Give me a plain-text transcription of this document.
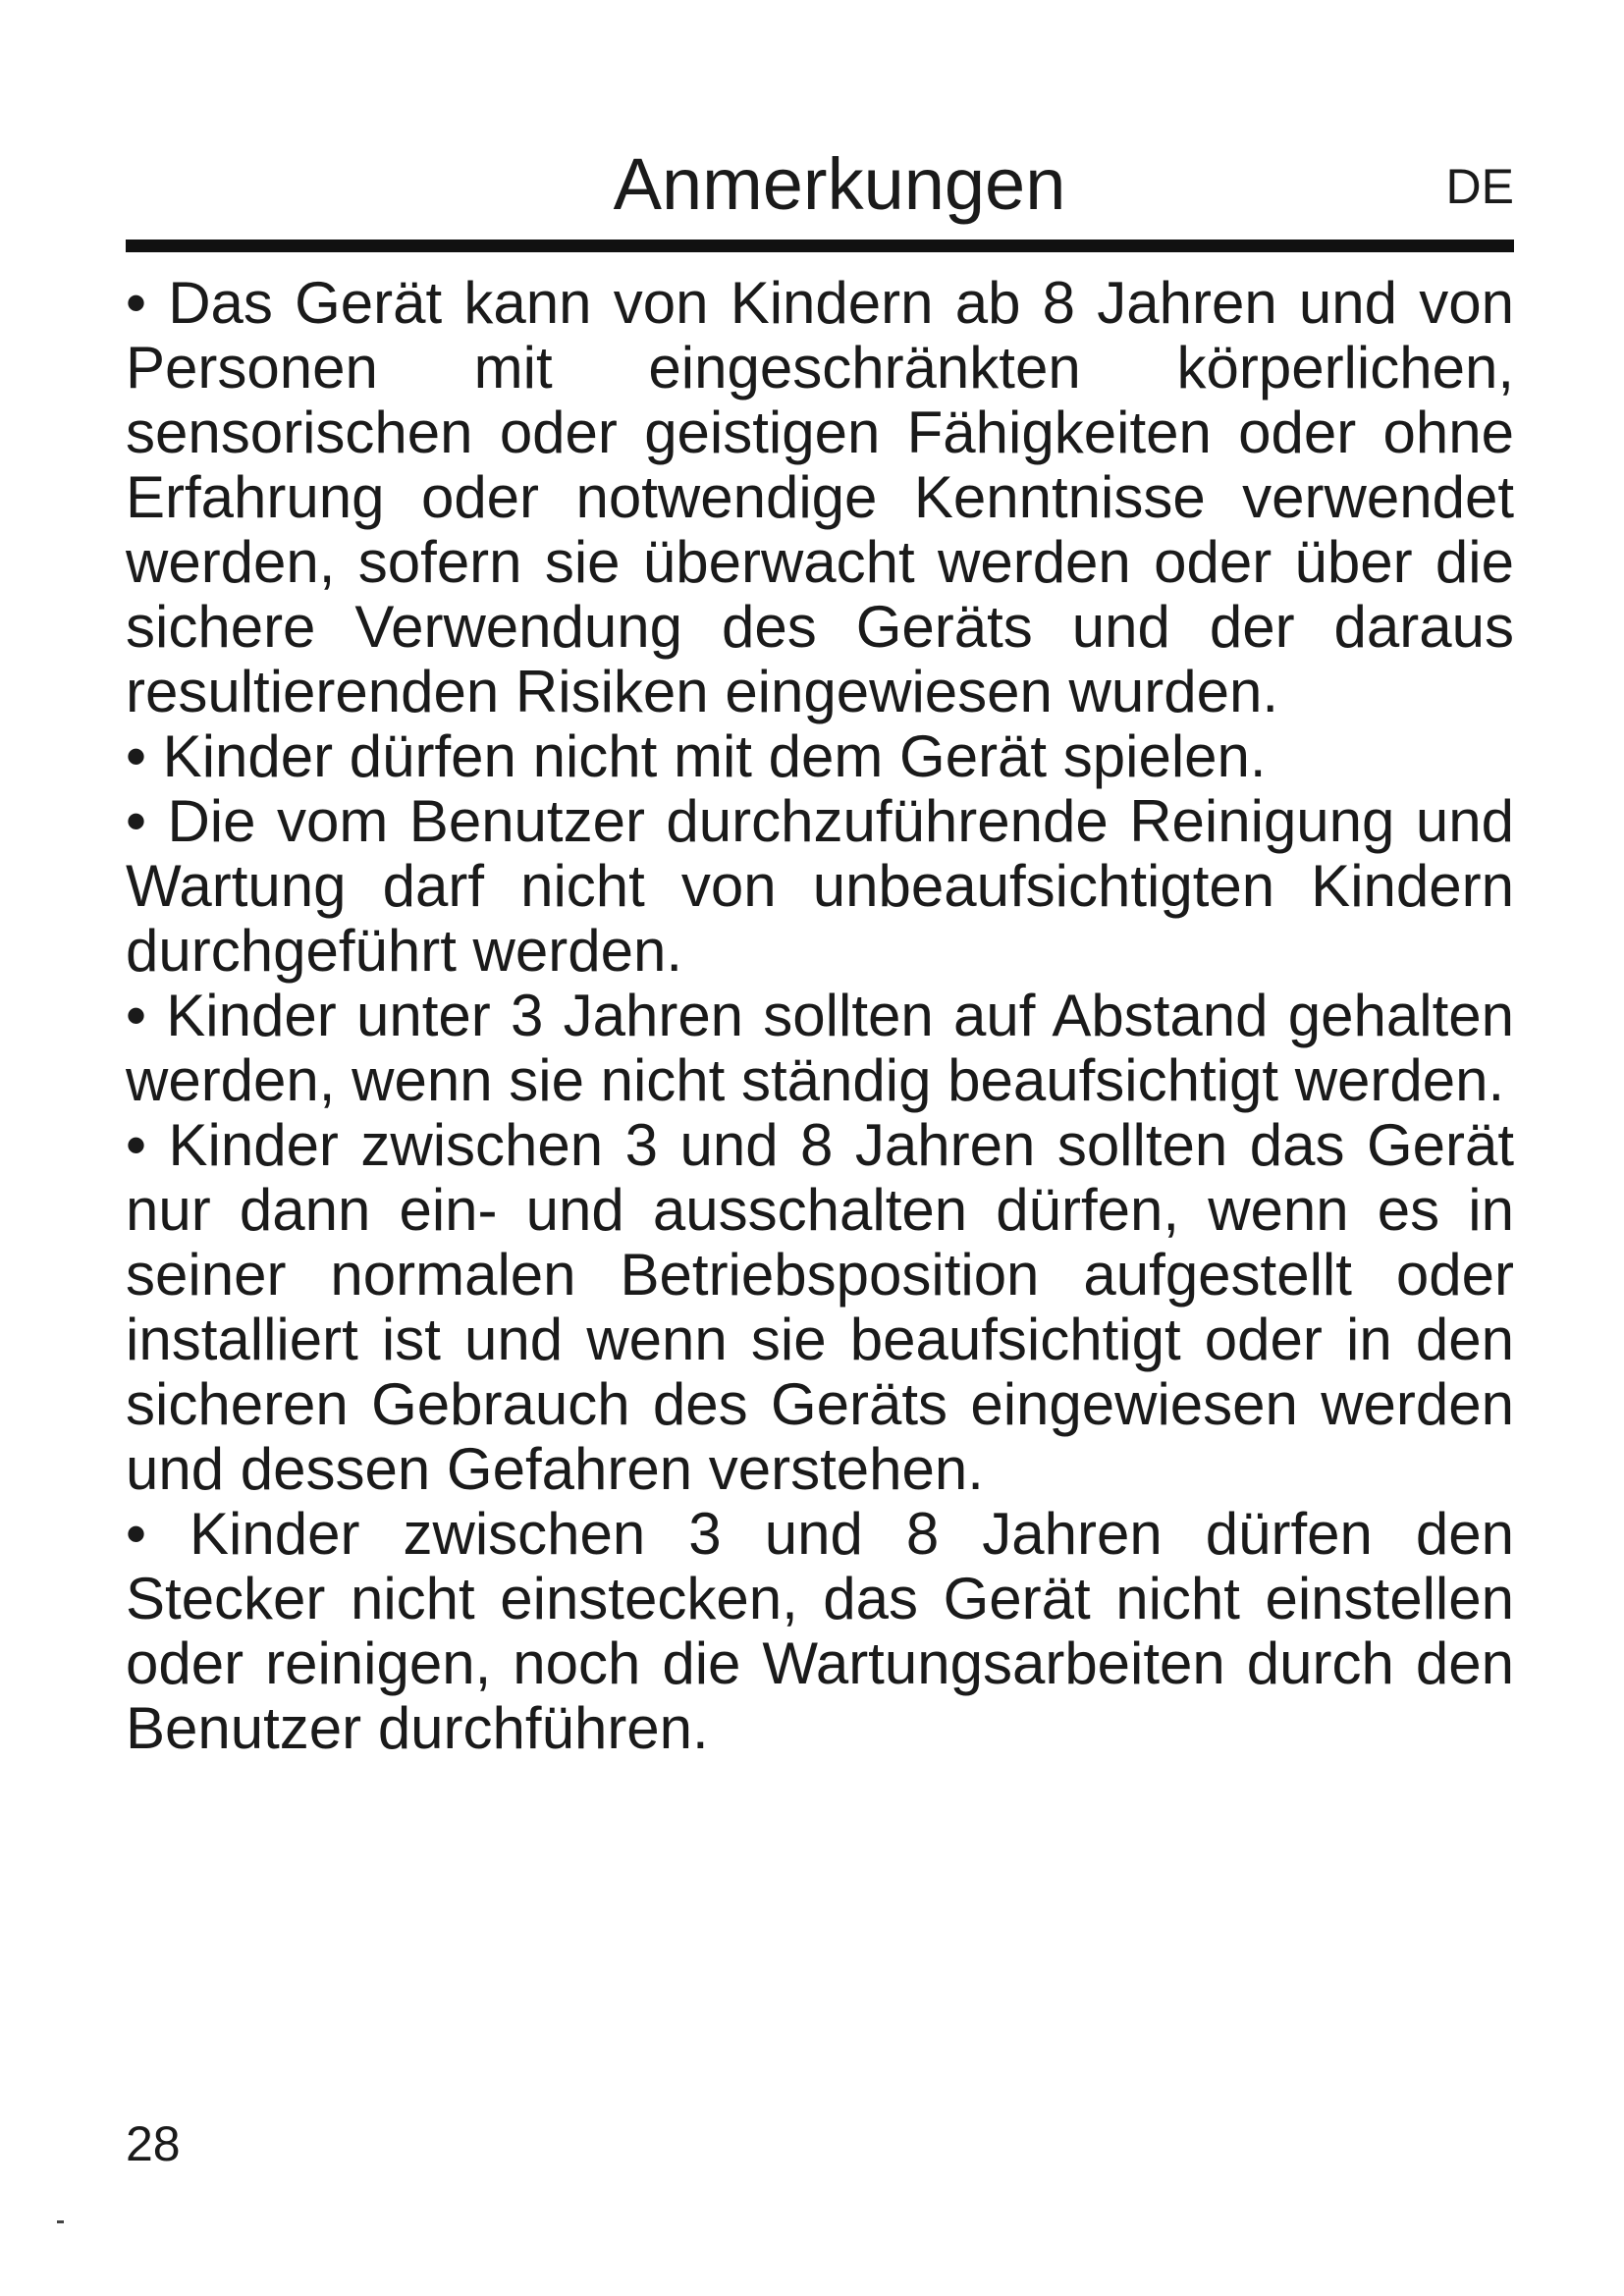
Anmerkungen	DE

• Das Gerät kann von Kindern ab 8 Jahren und von Personen mit eingeschränkten körperlichen, sensorischen oder geistigen Fähigkeiten oder ohne Erfahrung oder notwendige Kenntnisse verwendet werden, sofern sie überwacht werden oder über die sichere Verwendung des Geräts und der daraus resultierenden Risiken eingewiesen wurden.

• Kinder dürfen nicht mit dem Gerät spielen.

• Die vom Benutzer durchzuführende Reinigung und Wartung darf nicht von unbeaufsichtigten Kindern durchgeführt werden.

• Kinder unter 3 Jahren sollten auf Abstand gehalten werden, wenn sie nicht ständig beaufsichtigt werden.

• Kinder zwischen 3 und 8 Jahren sollten das Gerät nur dann ein- und ausschalten dürfen, wenn es in seiner normalen Betriebsposition aufgestellt oder installiert ist und wenn sie beaufsichtigt oder in den sicheren Gebrauch des Geräts eingewiesen werden und dessen Gefahren verstehen.

• Kinder zwischen 3 und 8 Jahren dürfen den Stecker nicht einstecken, das Gerät nicht einstellen oder reinigen, noch die Wartungsarbeiten durch den Benutzer durchführen.

28
